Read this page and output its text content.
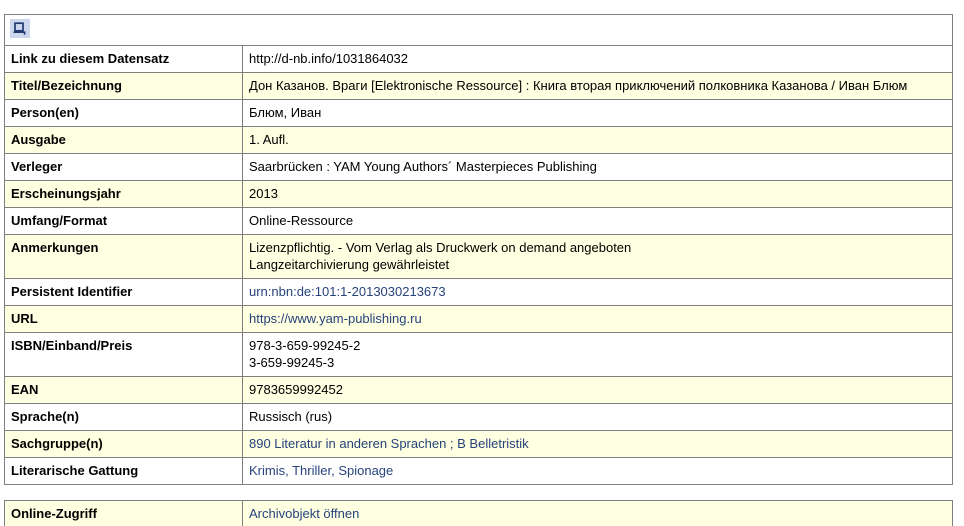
Link zu diesem Datensatz	http://d-nb.info/1031864032
Titel/Bezeichnung	Дон Казанов. Враги [Elektronische Ressource] : Книга вторая приключений полковника Казанова / Иван Блюм
Person(en)	Блюм, Иван
Ausgabe	1. Aufl.
Verleger	Saarbrücken : YAM Young Authors´ Masterpieces Publishing
Erscheinungsjahr	2013
Umfang/Format	Online-Ressource
Anmerkungen	Lizenzpflichtig. - Vom Verlag als Druckwerk on demand angeboten
Langzeitarchivierung gewährleistet
Persistent Identifier	urn:nbn:de:101:1-2013030213673
URL	https://www.yam-publishing.ru
ISBN/Einband/Preis	978-3-659-99245-2
3-659-99245-3
EAN	9783659992452
Sprache(n)	Russisch (rus)
Sachgruppe(n)	890 Literatur in anderen Sprachen ; B Belletristik
Literarische Gattung	Krimis, Thriller, Spionage
Online-Zugriff	Archivobjekt öffnen
